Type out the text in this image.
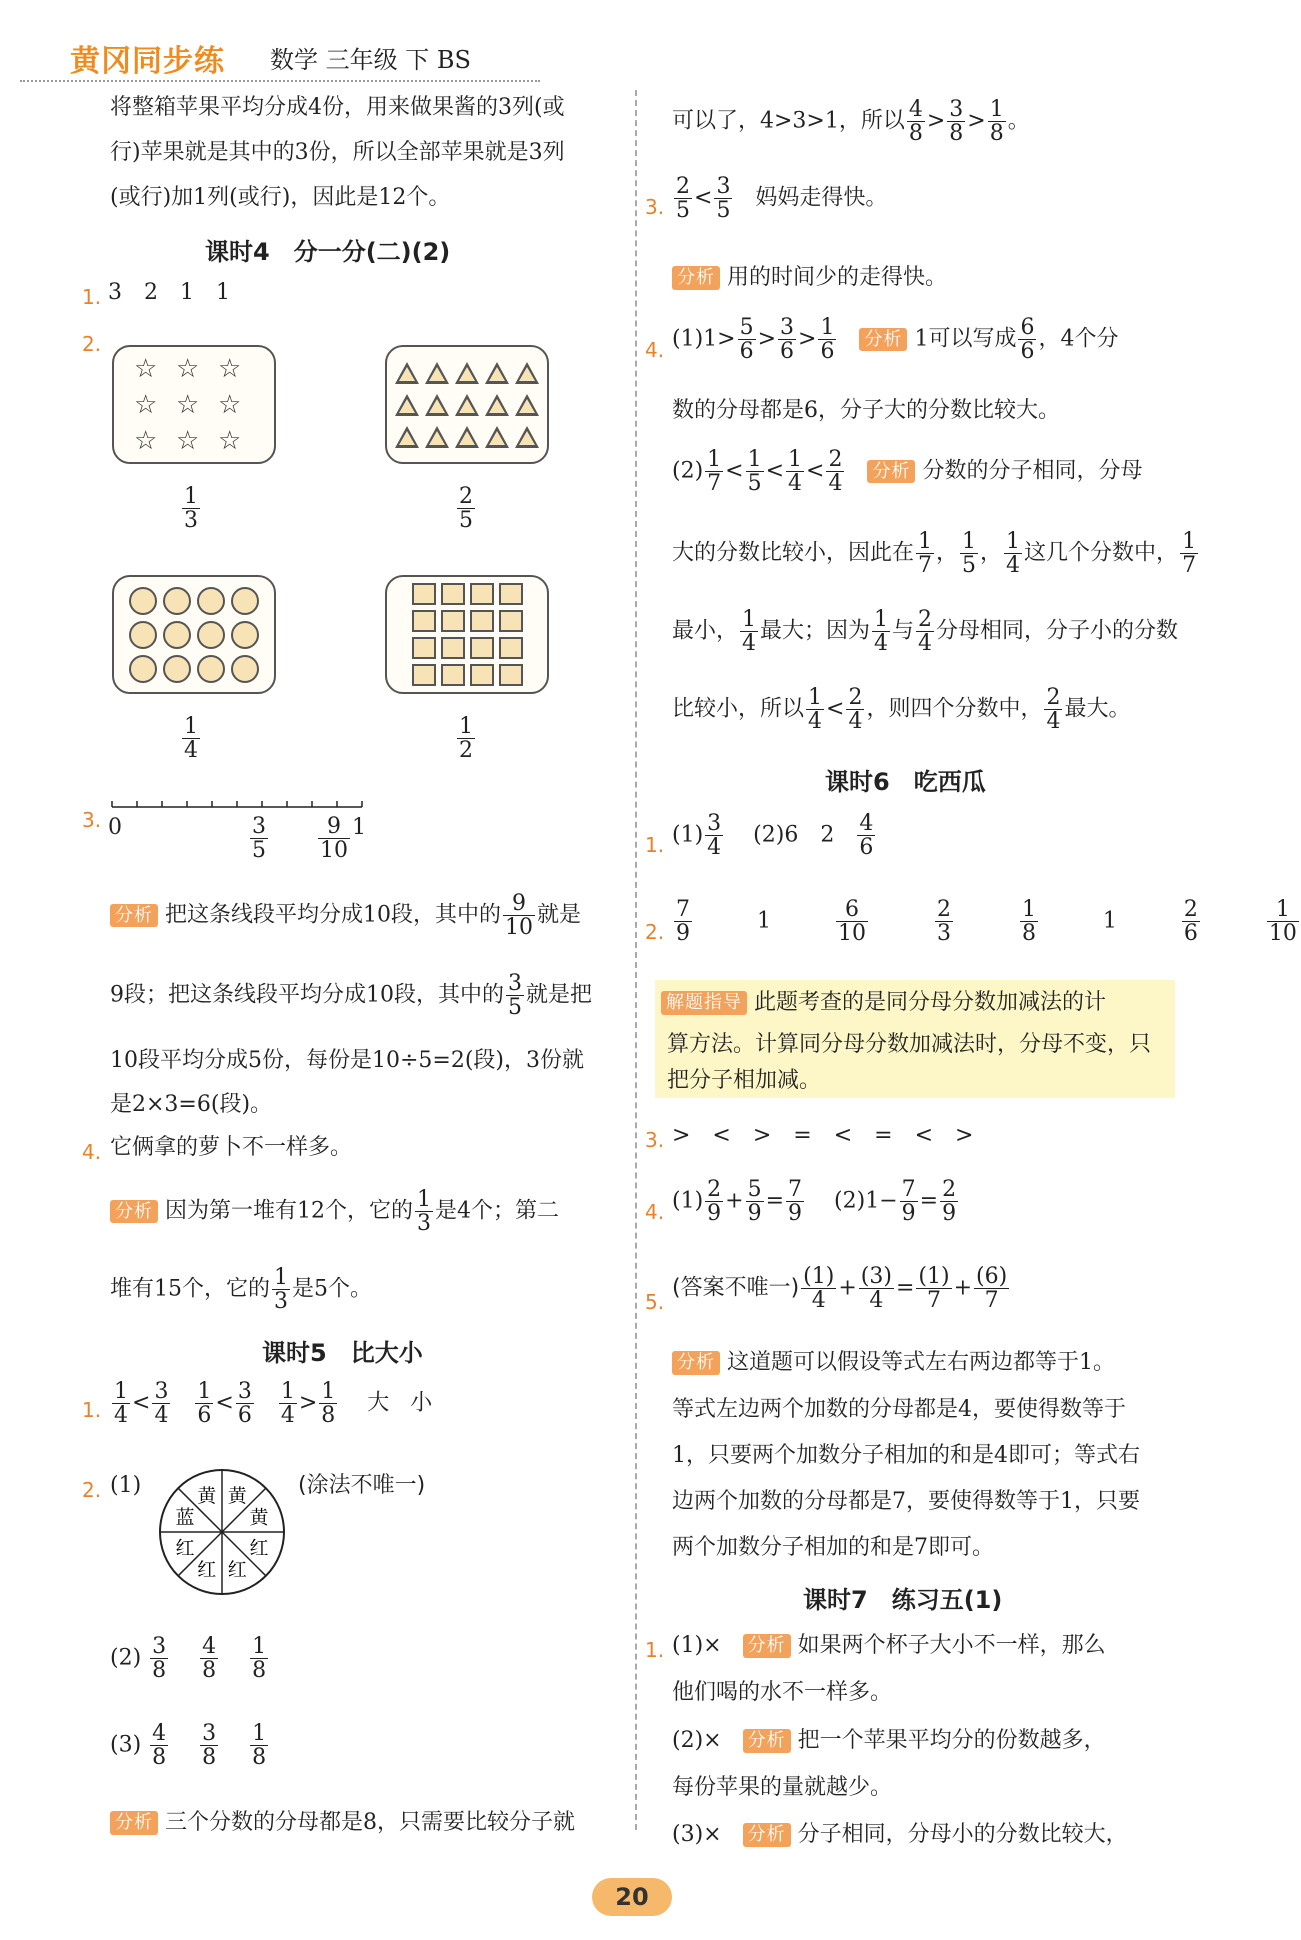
黄冈同步练 数学 三年级 下 BS
将整箱苹果平均分成4份，用来做果酱的3列(或
行)苹果就是其中的3份，所以全部苹果就是3列
(或行)加1列(或行)，因此是12个。
课时4　分一分(二)(2)
1. 3　2　1　1
2.
☆ ☆ ☆
☆ ☆ ☆
☆ ☆ ☆
$\frac{1}{3}$	$\frac{2}{5}$
$\frac{1}{4}$	$\frac{1}{2}$
3. 0	1
$\frac{3}{5} \frac{9}{10}$
分析 把这条线段平均分成10段，其中的 $\frac{9}{10}$ 就是
9段；把这条线段平均分成10段，其中的 $\frac{3}{5}$ 就是把
10段平均分成5份，每份是10÷5=2(段)，3份就
是2×3=6(段)。
4. 它俩拿的萝卜不一样多。
分析 因为第一堆有12个，它的 $\frac{1}{3}$ 是4个；第二
堆有15个，它的 $\frac{1}{3}$ 是5个。
课时5　比大小
1. $\frac{1}{4} < \frac{3}{4}$
$\frac{1}{6} < \frac{3}{6}$
$\frac{1}{4} > \frac{1}{8}$ 大 小
2. (1)	黄
黄
红
红
红
红
蓝
黄	(涂法不唯一)
$(2) \frac{3}{8}$
$\frac{4}{8}$
$\frac{1}{8}$
$(3) \frac{4}{8}$
$\frac{3}{8}$
$\frac{1}{8}$
分析 三个分数的分母都是8，只需要比较分子就
可以了，4>3>1，所以 $\frac{4}{8} > \frac{3}{8} > \frac{1}{8}$ 。
3. $\frac{2}{5} < \frac{3}{5}$ 妈妈走得快。
分析 用的时间少的走得快。
4. $(1)1> \frac{5}{6} > \frac{3}{6} > \frac{1}{6}$ 分析 1可以写成 $\frac{6}{6}$ ，4个分
数的分母都是6，分子大的分数比较大。
$(2) \frac{1}{7} < \frac{1}{5} < \frac{1}{4} < \frac{2}{4}$ 分析 分数的分子相同，分母
大的分数比较小，因此在 $\frac{1}{7}$ ， $\frac{1}{5}$ ， $\frac{1}{4}$ 这几个分数中， $\frac{1}{7}$
最小， $\frac{1}{4}$ 最大；因为 $\frac{1}{4}$ 与 $\frac{2}{4}$ 分母相同，分子小的分数
比较小，所以 $\frac{1}{4} < \frac{2}{4}$ ，则四个分数中， $\frac{2}{4}$ 最大。
课时6　吃西瓜
1. $(1) \frac{3}{4} (2)6$　$2 \frac{4}{6}$
2. $\frac{7}{9} 1 \frac{6}{10}$
	$\frac{2}{3}$
	$\frac{1}{8} 1 \frac{2}{6}$
	$\frac{1}{10}$
解题指导 此题考查的是同分母分数加减法的计
算方法。计算同分母分数加减法时，分母不变，只
把分子相加减。
3. >　<　>　=　<　=　<　>
4. $(1) \frac{2}{9} + \frac{5}{9} = \frac{7}{9} (2)1- \frac{7}{9} = \frac{2}{9}$
5.
(答案不唯一) $\frac{(1)}{4} + \frac{(3)}{4} = \frac{(1)}{7} + \frac{(6)}{7}$
分析 这道题可以假设等式左右两边都等于1。
等式左边两个加数的分母都是4，要使得数等于
1，只要两个加数分子相加的和是4即可；等式右
边两个加数的分母都是7，要使得数等于1，只要
两个加数分子相加的和是7即可。
课时7　练习五(1)
1. (1)× 分析 如果两个杯子大小不一样，那么
他们喝的水不一样多。
(2)× 分析 把一个苹果平均分的份数越多，
每份苹果的量就越少。
(3)× 分析 分子相同，分母小的分数比较大，
20
